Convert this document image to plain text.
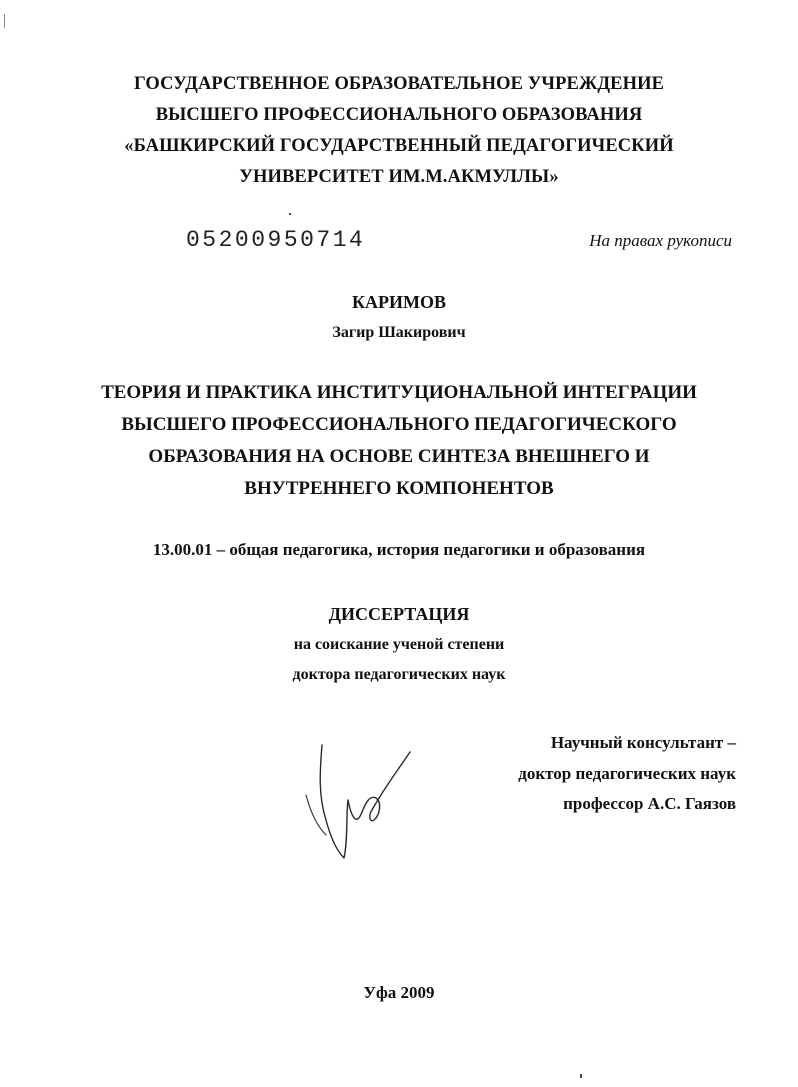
ГОСУДАРСТВЕННОЕ ОБРАЗОВАТЕЛЬНОЕ УЧРЕЖДЕНИЕ
ВЫСШЕГО ПРОФЕССИОНАЛЬНОГО ОБРАЗОВАНИЯ
«БАШКИРСКИЙ ГОСУДАРСТВЕННЫЙ ПЕДАГОГИЧЕСКИЙ
УНИВЕРСИТЕТ ИМ.М.АКМУЛЛЫ»
05200950714	На правах рукописи
КАРИМОВ
Загир Шакирович
ТЕОРИЯ И ПРАКТИКА ИНСТИТУЦИОНАЛЬНОЙ ИНТЕГРАЦИИ
ВЫСШЕГО ПРОФЕССИОНАЛЬНОГО ПЕДАГОГИЧЕСКОГО
ОБРАЗОВАНИЯ НА ОСНОВЕ СИНТЕЗА ВНЕШНЕГО И
ВНУТРЕННЕГО КОМПОНЕНТОВ
13.00.01 – общая педагогика, история педагогики и образования
ДИССЕРТАЦИЯ
на соискание ученой степени
доктора педагогических наук
Научный консультант –
доктор педагогических наук
профессор А.С. Гаязов
Уфа 2009
